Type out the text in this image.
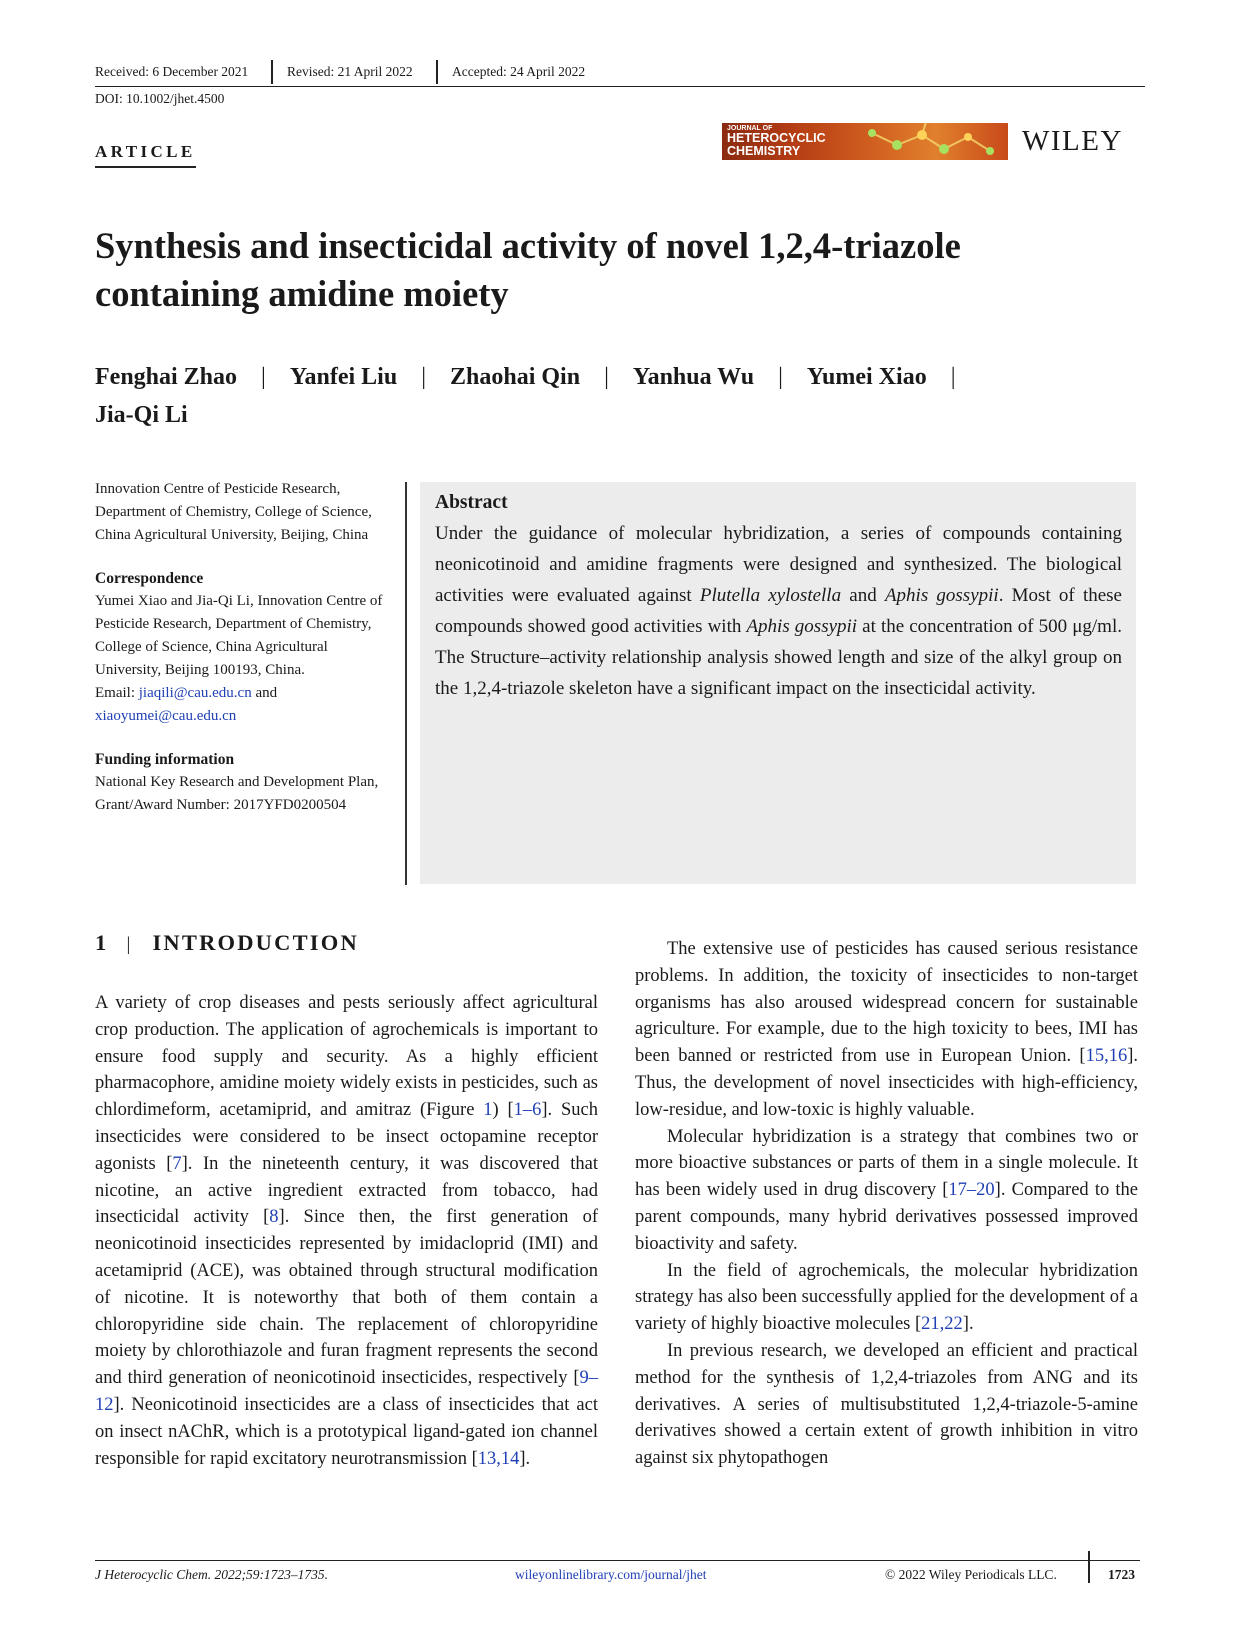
Received: 6 December 2021	Revised: 21 April 2022	Accepted: 24 April 2022
DOI: 10.1002/jhet.4500
ARTICLE
JOURNAL OF
HETEROCYCLIC
CHEMISTRY	WILEY
Synthesis and insecticidal activity of novel 1,2,4-triazole
containing amidine moiety
Fenghai Zhao | Yanfei Liu | Zhaohai Qin | Yanhua Wu | Yumei Xiao |
Jia-Qi Li

Innovation Centre of Pesticide Research, Department of Chemistry, College of Science, China Agricultural University, Beijing, China

Correspondence

Yumei Xiao and Jia-Qi Li, Innovation Centre of Pesticide Research, Department of Chemistry, College of Science, China Agricultural University, Beijing 100193, China.

Email: jiaqili@cau.edu.cn and xiaoyumei@cau.edu.cn

Funding information

National Key Research and Development Plan, Grant/Award Number: 2017YFD0200504

Abstract

Under the guidance of molecular hybridization, a series of compounds containing neonicotinoid and amidine fragments were designed and synthesized. The biological activities were evaluated against Plutella xylostella and Aphis gossypii. Most of these compounds showed good activities with Aphis gossypii at the concentration of 500 μg/ml. The Structure–activity relationship analysis showed length and size of the alkyl group on the 1,2,4-triazole skeleton have a significant impact on the insecticidal activity.

1 | INTRODUCTION

A variety of crop diseases and pests seriously affect agricultural crop production. The application of agrochemicals is important to ensure food supply and security. As a highly efficient pharmacophore, amidine moiety widely exists in pesticides, such as chlordimeform, acetamiprid, and amitraz (Figure 1) [1–6]. Such insecticides were considered to be insect octopamine receptor agonists [7]. In the nineteenth century, it was discovered that nicotine, an active ingredient extracted from tobacco, had insecticidal activity [8]. Since then, the first generation of neonicotinoid insecticides represented by imidacloprid (IMI) and acetamiprid (ACE), was obtained through structural modification of nicotine. It is noteworthy that both of them contain a chloropyridine side chain. The replacement of chloropyridine moiety by chlorothiazole and furan fragment represents the second and third generation of neonicotinoid insecticides, respectively [9–12]. Neonicotinoid insecticides are a class of insecticides that act on insect nAChR, which is a prototypical ligand-gated ion channel responsible for rapid excitatory neurotransmission [13,14].

The extensive use of pesticides has caused serious resistance problems. In addition, the toxicity of insecticides to non-target organisms has also aroused widespread concern for sustainable agriculture. For example, due to the high toxicity to bees, IMI has been banned or restricted from use in European Union. [15,16]. Thus, the development of novel insecticides with high-efficiency, low-residue, and low-toxic is highly valuable.

Molecular hybridization is a strategy that combines two or more bioactive substances or parts of them in a single molecule. It has been widely used in drug discovery [17–20]. Compared to the parent compounds, many hybrid derivatives possessed improved bioactivity and safety.

In the field of agrochemicals, the molecular hybridization strategy has also been successfully applied for the development of a variety of highly bioactive molecules [21,22].

In previous research, we developed an efficient and practical method for the synthesis of 1,2,4-triazoles from ANG and its derivatives. A series of multisubstituted 1,2,4-triazole-5-amine derivatives showed a certain extent of growth inhibition in vitro against six phytopathogen

J Heterocyclic Chem. 2022;59:1723–1735.	wileyonlinelibrary.com/journal/jhet	© 2022 Wiley Periodicals LLC.	1723
